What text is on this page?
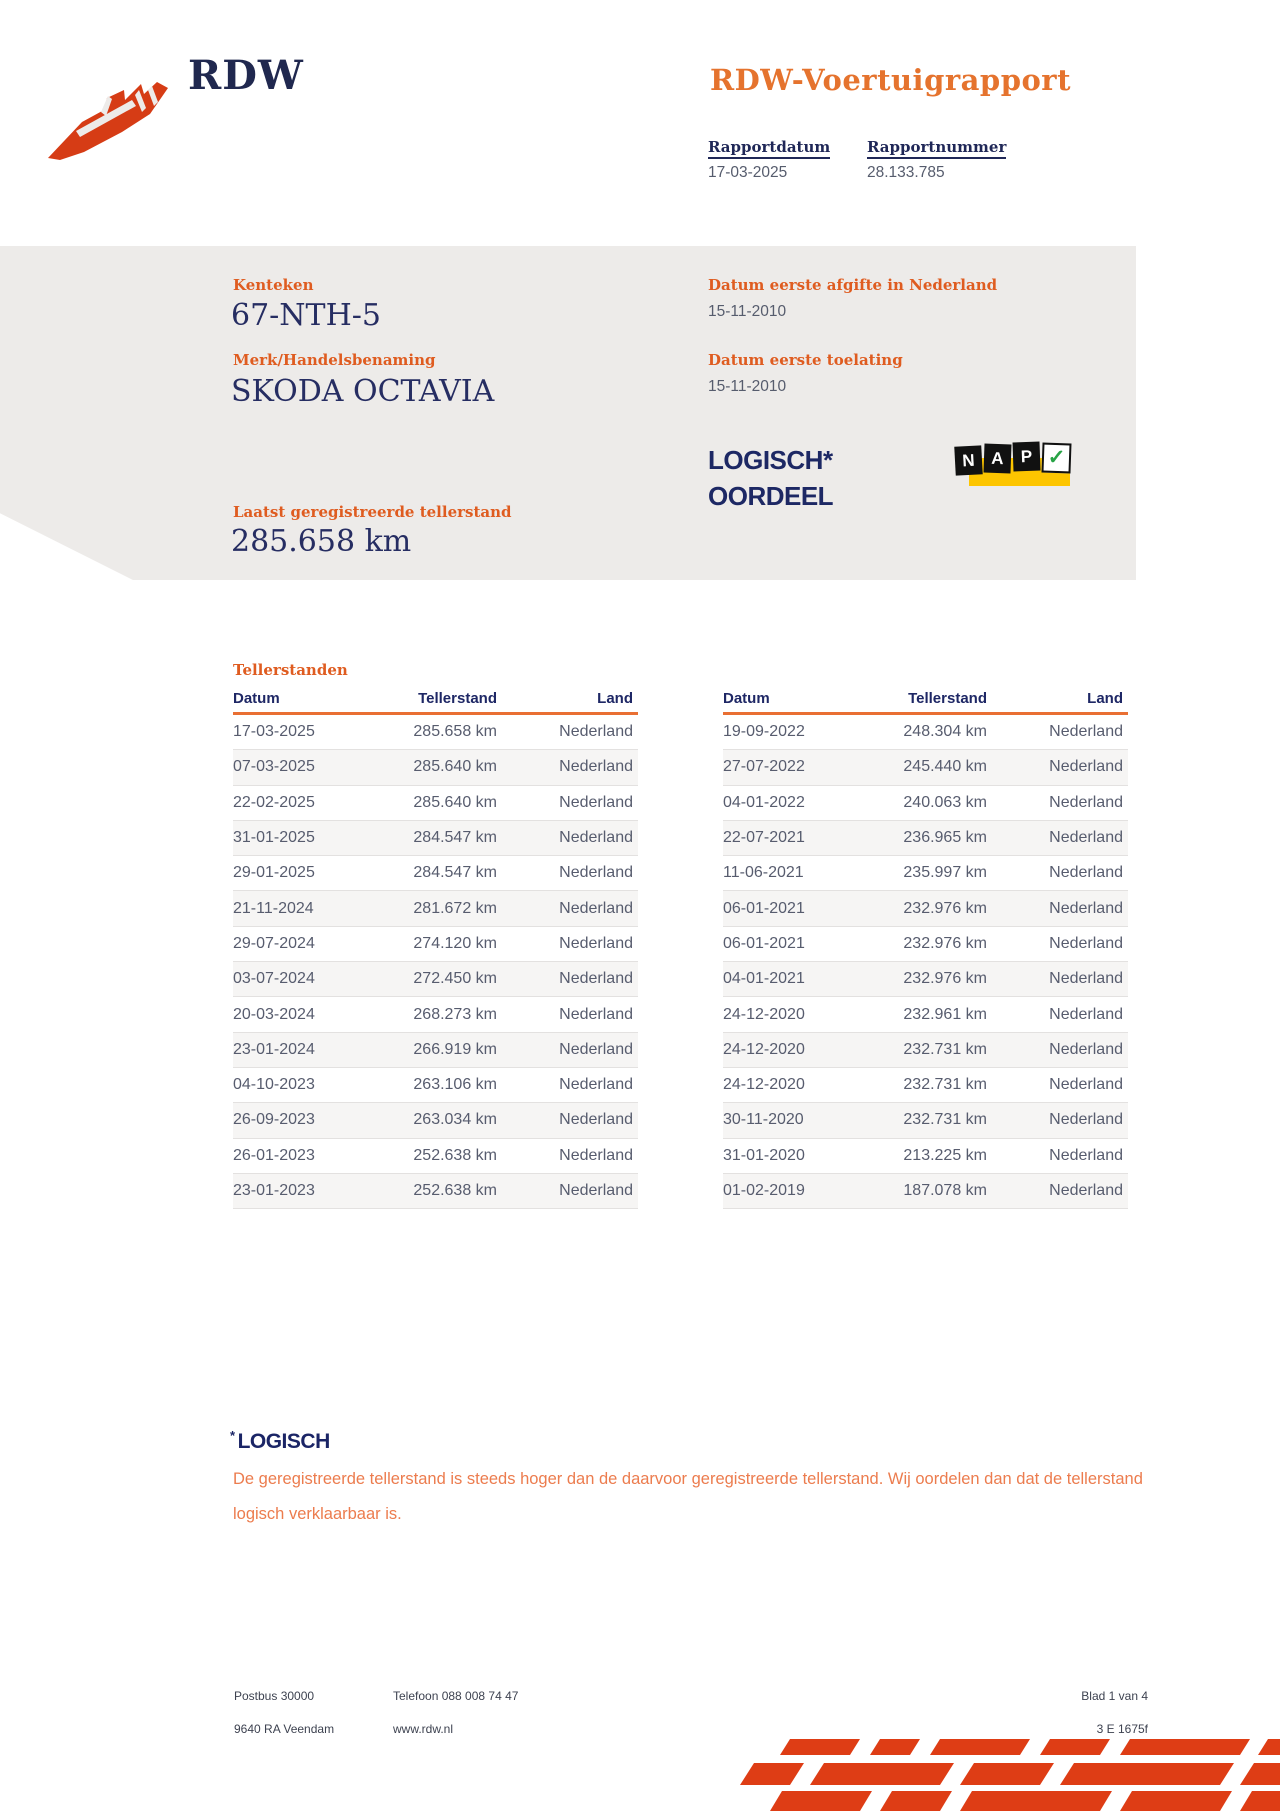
RDW	RDW-Voertuigrapport
Rapportdatum Rapportnummer
17-03-2025	28.133.785
Kenteken
67-NTH-5
Merk/Handelsbenaming
SKODA OCTAVIA
Datum eerste afgifte in Nederland
15-11-2010
Datum eerste toelating
15-11-2010
Laatst geregistreerde tellerstand
285.658 km
LOGISCH*
OORDEEL
N A P ✓
Tellerstanden
Datum	Tellerstand	Land
17-03-2025	285.658 km	Nederland
07-03-2025	285.640 km	Nederland
22-02-2025	285.640 km	Nederland
31-01-2025	284.547 km	Nederland
29-01-2025	284.547 km	Nederland
21-11-2024	281.672 km	Nederland
29-07-2024	274.120 km	Nederland
03-07-2024	272.450 km	Nederland
20-03-2024	268.273 km	Nederland
23-01-2024	266.919 km	Nederland
04-10-2023	263.106 km	Nederland
26-09-2023	263.034 km	Nederland
26-01-2023	252.638 km	Nederland
23-01-2023	252.638 km	Nederland
Datum	Tellerstand	Land
19-09-2022	248.304 km	Nederland
27-07-2022	245.440 km	Nederland
04-01-2022	240.063 km	Nederland
22-07-2021	236.965 km	Nederland
11-06-2021	235.997 km	Nederland
06-01-2021	232.976 km	Nederland
06-01-2021	232.976 km	Nederland
04-01-2021	232.976 km	Nederland
24-12-2020	232.961 km	Nederland
24-12-2020	232.731 km	Nederland
24-12-2020	232.731 km	Nederland
30-11-2020	232.731 km	Nederland
31-01-2020	213.225 km	Nederland
01-02-2019	187.078 km	Nederland
* LOGISCH
De geregistreerde tellerstand is steeds hoger dan de daarvoor geregistreerde tellerstand. Wij oordelen dan dat de tellerstand logisch verklaarbaar is.
Postbus 30000	Telefoon 088 008 74 47	Blad 1 van 4
9640 RA Veendam	www.rdw.nl	3 E 1675f
